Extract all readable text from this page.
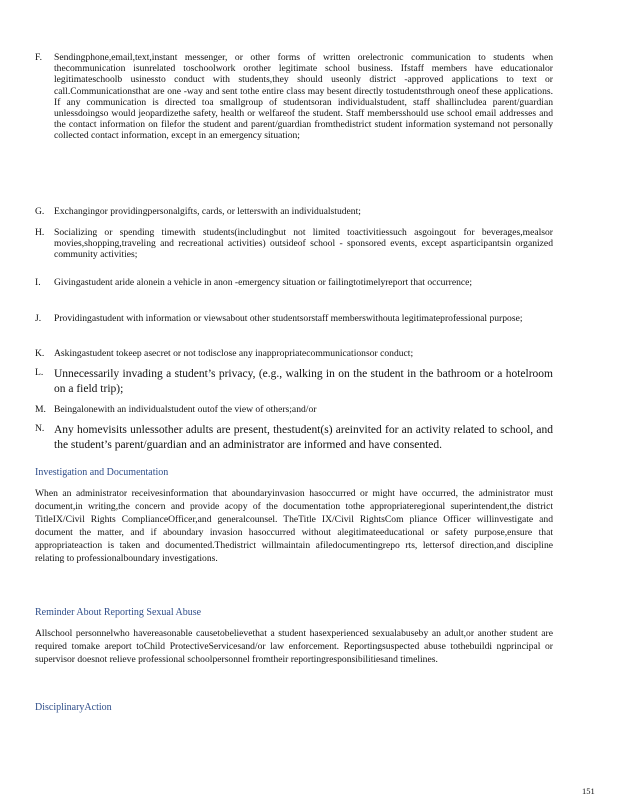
F. Sendingphone,email,text,instant messenger, or other forms of written orelectronic communication to students when thecommunication isunrelated toschoolwork orother legitimate school business. Ifstaff members have educationalor legitimateschoolb usinessto conduct with students,they should useonly district -approved applications to text or call.Communicationsthat are one -way and sent tothe entire class may besent directly tostudentsthrough oneof these applications. If any communication is directed toa smallgroup of studentsoran individualstudent, staff shallincludea parent/guardian unlessdoingso would jeopardizethe safety, health or welfareof the student. Staff membersshould use school email addresses and the contact information on filefor the student and parent/guardian fromthedistrict student information systemand not personally collected contact information, except in an emergency situation;
G. Exchangingor providingpersonalgifts, cards, or letterswith an individualstudent;
H. Socializing or spending timewith students(includingbut not limited toactivitiessuch asgoingout for beverages,mealsor movies,shopping,traveling and recreational activities) outsideof school - sponsored events, except asparticipantsin organized community activities;
I. Givingastudent aride alonein a vehicle in anon -emergency situation or failingtotimelyreport that occurrence;
J. Providingastudent with information or viewsabout other studentsorstaff memberswithouta legitimateprofessional purpose;
K. Askingastudent tokeep asecret or not todisclose any inappropriatecommunicationsor conduct;
L. Unnecessarily invading a student’s privacy, (e.g., walking in on the student in the bathroom or a hotelroom on a field trip);
M. Beingalonewith an individualstudent outof the view of others;and/or
N. Any homevisits unlessother adults are present, thestudent(s) areinvited for an activity related to school, and the student’s parent/guardian and an administrator are informed and have consented.
Investigation and Documentation
When an administrator receivesinformation that aboundaryinvasion hasoccurred or might have occurred, the administrator must document,in writing,the concern and provide acopy of the documentation tothe appropriateregional superintendent,the district TitleIX/Civil Rights ComplianceOfficer,and generalcounsel. TheTitle IX/Civil RightsCom pliance Officer willinvestigate and document the matter, and if aboundary invasion hasoccurred without alegitimateeducational or safety purpose,ensure that appropriateaction is taken and documented.Thedistrict willmaintain afiledocumentingrepo rts, lettersof direction,and discipline relating to professionalboundary investigations.
Reminder About Reporting Sexual Abuse
Allschool personnelwho havereasonable causetobelievethat a student hasexperienced sexualabuseby an adult,or another student are required tomake areport toChild ProtectiveServicesand/or law enforcement. Reportingsuspected abuse tothebuildi ngprincipal or supervisor doesnot relieve professional schoolpersonnel fromtheir reportingresponsibilitiesand timelines.
DisciplinaryAction
151
